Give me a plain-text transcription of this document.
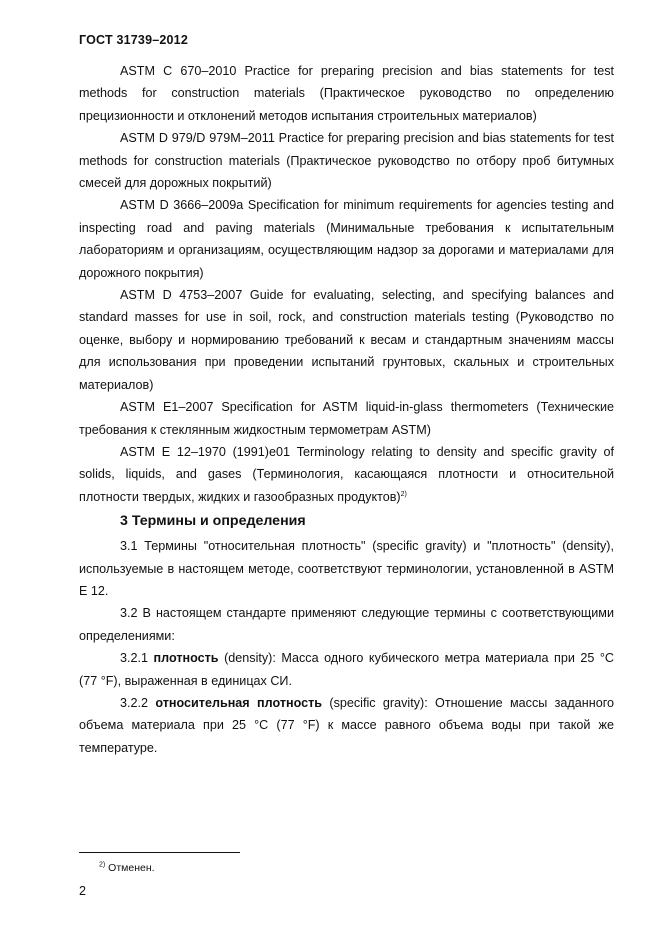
ГОСТ 31739–2012

ASTM C 670–2010 Practice for preparing precision and bias statements for test methods for construction materials (Практическое руководство по определению прецизионности и отклонений методов испытания строительных материалов)

ASTM D 979/D 979M–2011 Practice for preparing precision and bias statements for test methods for construction materials (Практическое руководство по отбору проб битумных смесей для дорожных покрытий)

ASTM D 3666–2009a Specification for minimum requirements for agencies testing and inspecting road and paving materials (Минимальные требования к испытательным лабораториям и организациям, осуществляющим надзор за дорогами и материалами для дорожного покрытия)

ASTM D 4753–2007 Guide for evaluating, selecting, and specifying balances and standard masses for use in soil, rock, and construction materials testing (Руководство по оценке, выбору и нормированию требований к весам и стандартным значениям массы для использования при проведении испытаний грунтовых, скальных и строительных материалов)

ASTM E1–2007 Specification for ASTM liquid-in-glass thermometers (Технические требования к стеклянным жидкостным термометрам ASTM)

ASTM E 12–1970 (1991)е01 Terminology relating to density and specific gravity of solids, liquids, and gases (Терминология, касающаяся плотности и относительной плотности твердых, жидких и газообразных продуктов)$^{2)}$

3 Термины и определения

3.1 Термины "относительная плотность" (specific gravity) и "плотность" (density), используемые в настоящем методе, соответствуют терминологии, установленной в ASTM Е 12.

3.2 В настоящем стандарте применяют следующие термины с соответствующими определениями:

3.2.1 плотность (density): Масса одного кубического метра материала при 25 °С (77 °F), выраженная в единицах СИ.

3.2.2 относительная плотность (specific gravity): Отношение массы заданного объема материала при 25 °С (77 °F) к массе равного объема воды при такой же температуре.

$^{2)}$ Отменен.
2
